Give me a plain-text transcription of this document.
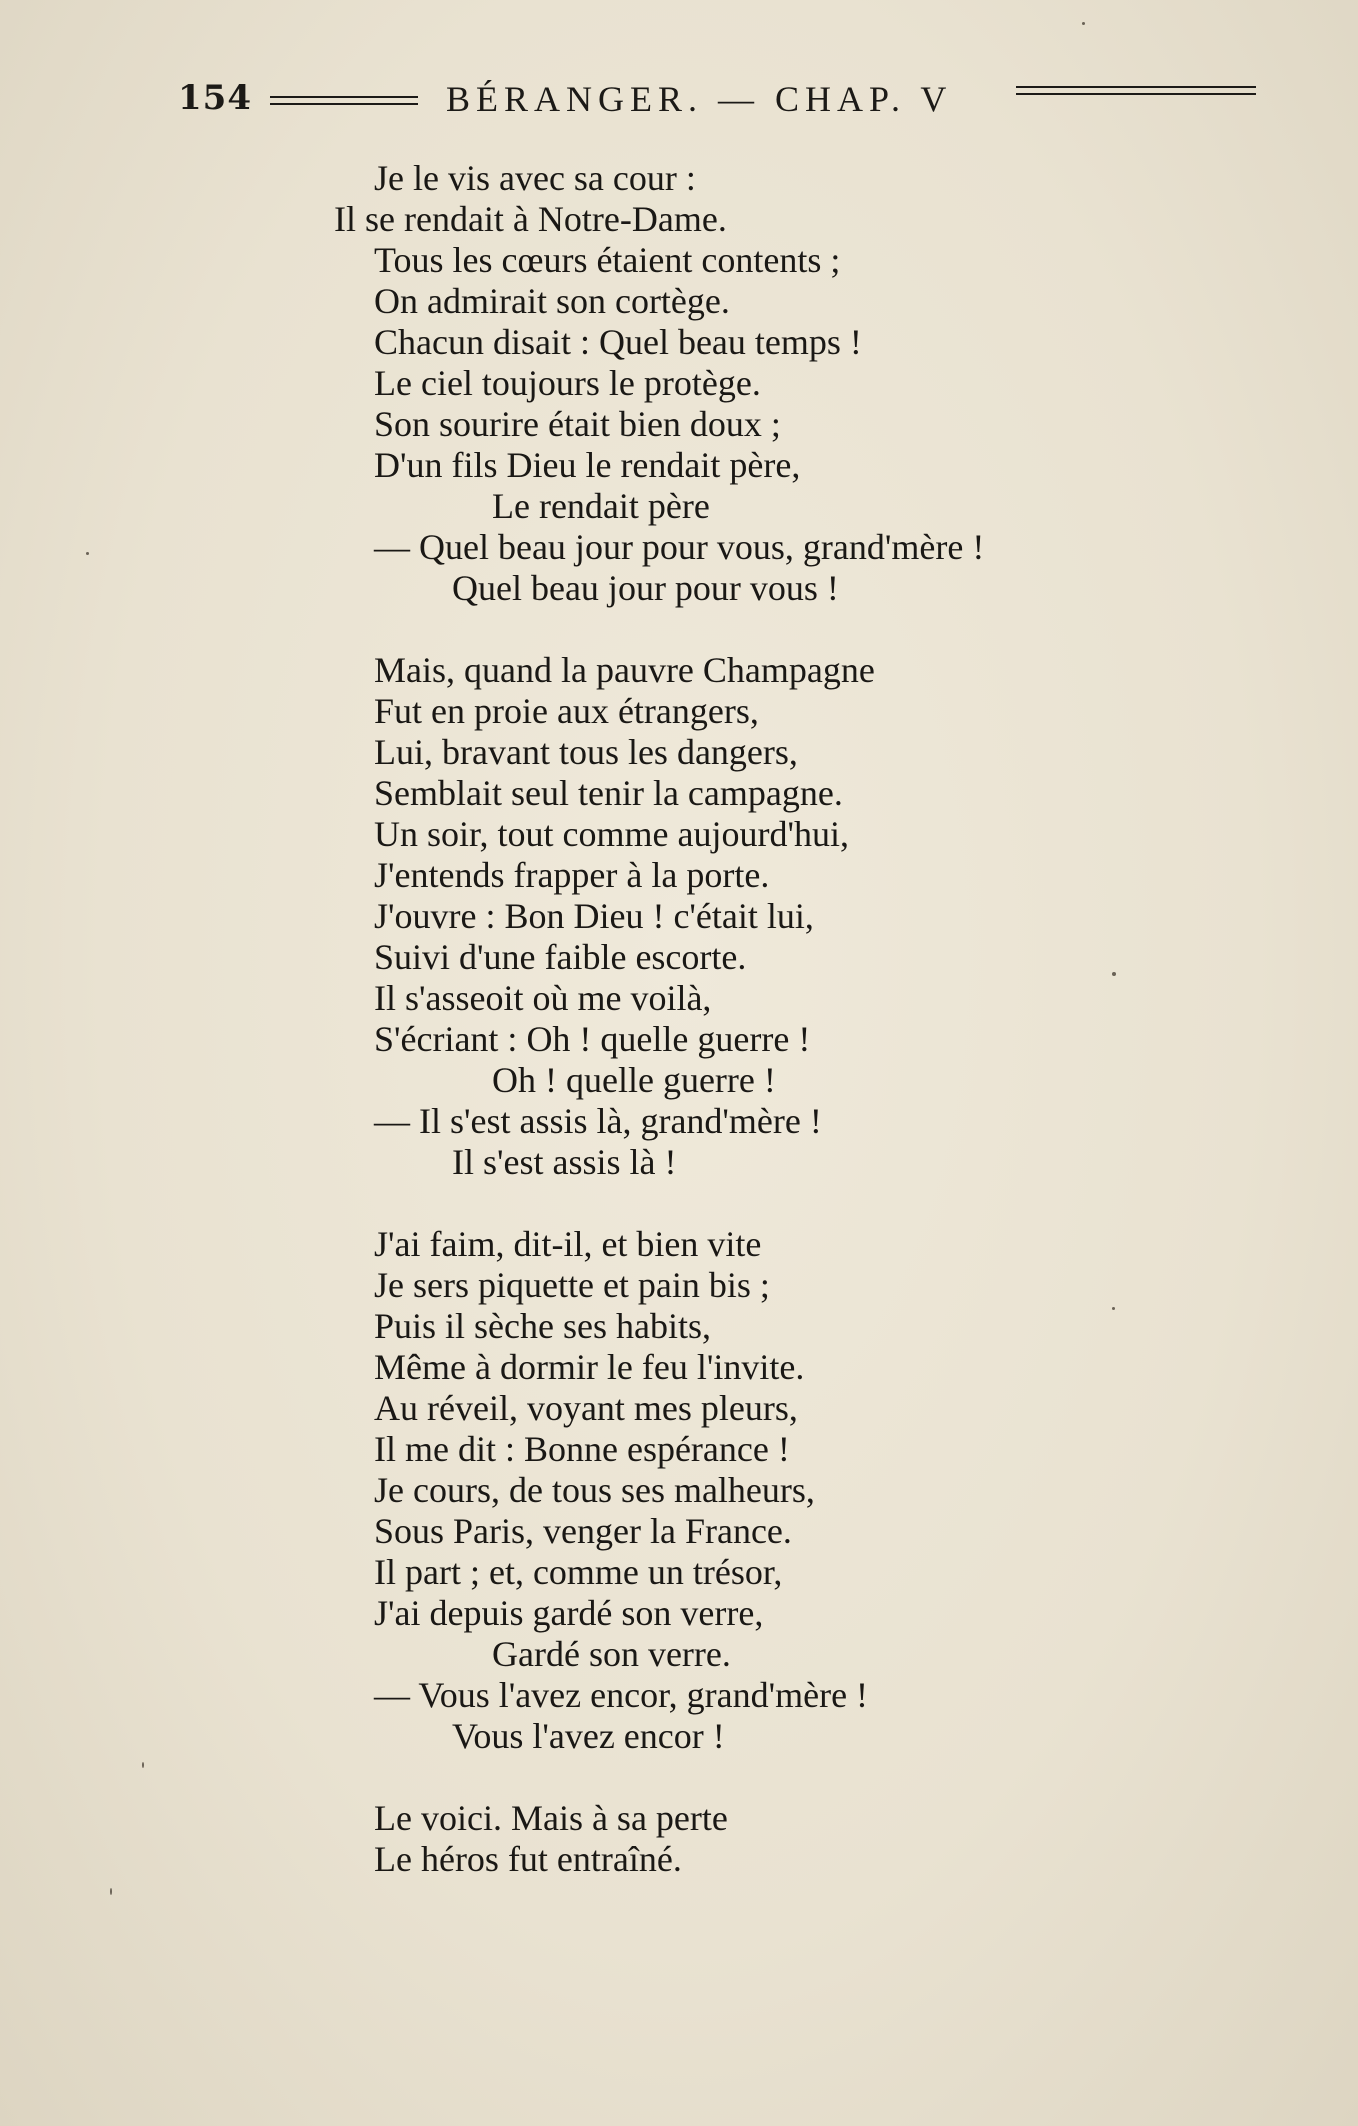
154	BÉRANGER. — CHAP. V
Je le vis avec sa cour :
Il se rendait à Notre-Dame.
Tous les cœurs étaient contents ;
On admirait son cortège.
Chacun disait : Quel beau temps !
Le ciel toujours le protège.
Son sourire était bien doux ;
D'un fils Dieu le rendait père,
Le rendait père
— Quel beau jour pour vous, grand'mère !
Quel beau jour pour vous !
Mais, quand la pauvre Champagne
Fut en proie aux étrangers,
Lui, bravant tous les dangers,
Semblait seul tenir la campagne.
Un soir, tout comme aujourd'hui,
J'entends frapper à la porte.
J'ouvre : Bon Dieu ! c'était lui,
Suivi d'une faible escorte.
Il s'asseoit où me voilà,
S'écriant : Oh ! quelle guerre !
Oh ! quelle guerre !
— Il s'est assis là, grand'mère !
Il s'est assis là !
J'ai faim, dit-il, et bien vite
Je sers piquette et pain bis ;
Puis il sèche ses habits,
Même à dormir le feu l'invite.
Au réveil, voyant mes pleurs,
Il me dit : Bonne espérance !
Je cours, de tous ses malheurs,
Sous Paris, venger la France.
Il part ; et, comme un trésor,
J'ai depuis gardé son verre,
Gardé son verre.
— Vous l'avez encor, grand'mère !
Vous l'avez encor !
Le voici. Mais à sa perte
Le héros fut entraîné.
